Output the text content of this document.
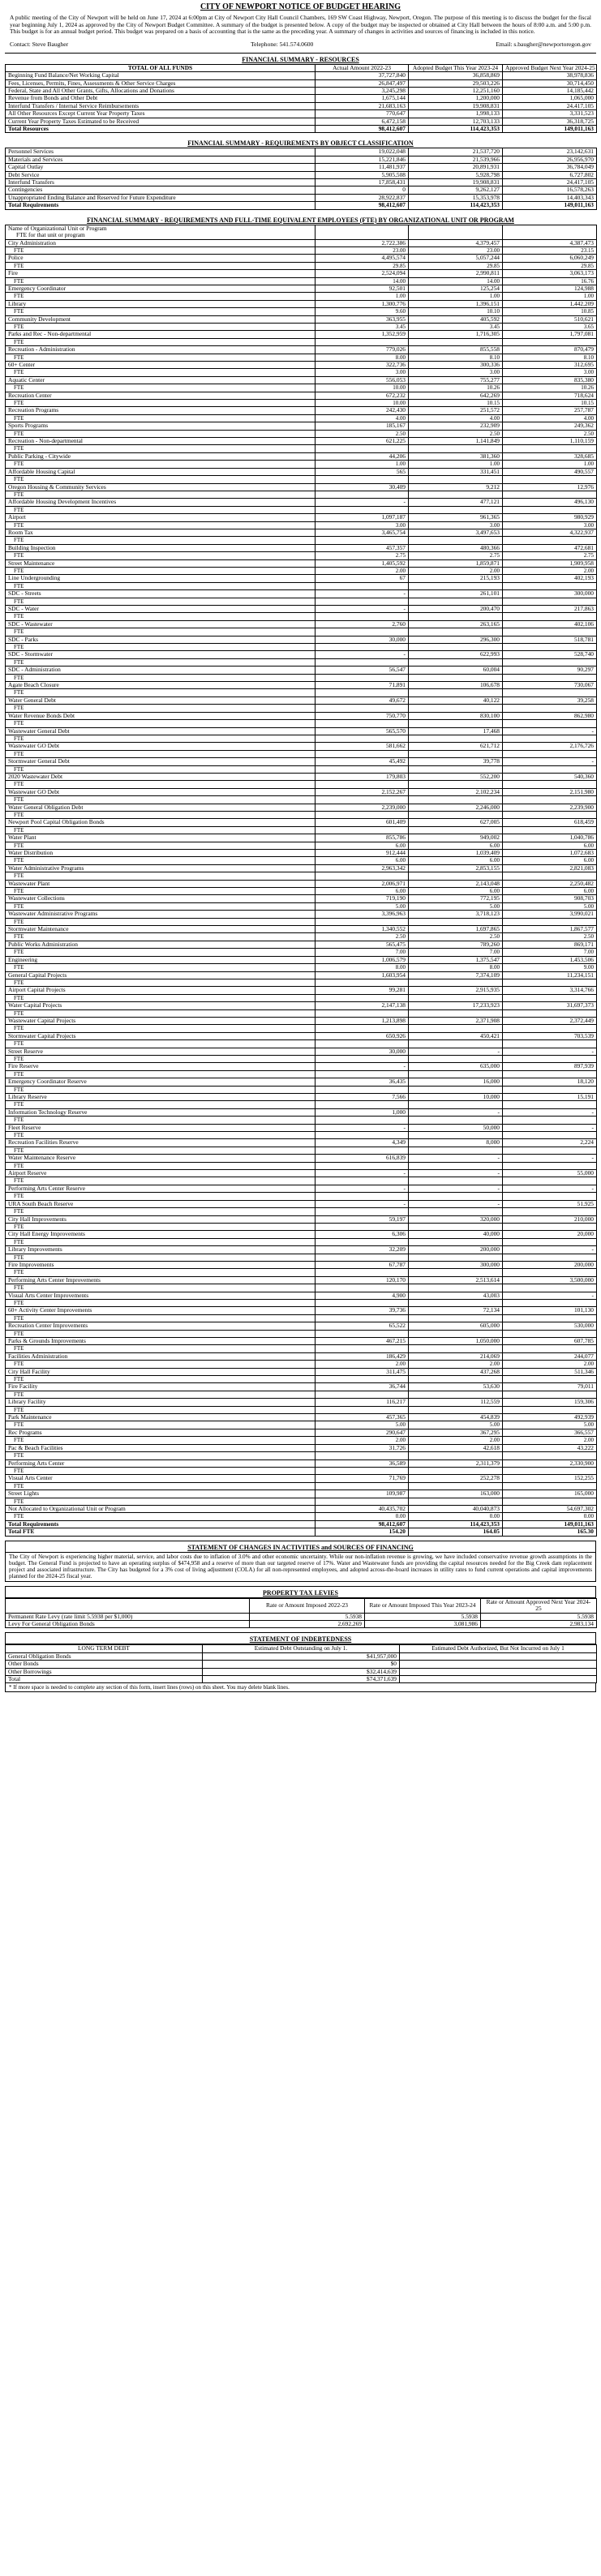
CITY OF NEWPORT NOTICE OF BUDGET HEARING
A public meeting of the City of Newport will be held on June 17, 2024 at 6:00pm at City of Newport City Hall Council Chambers, 169 SW Coast Highway, Newport, Oregon. The purpose of this meeting is to discuss the budget for the fiscal year beginning July 1, 2024 as approved by the City of Newport Budget Committee. A summary of the budget is presented below. A copy of the budget may be inspected or obtained at City Hall between the hours of 8:00 a.m. and 5:00 p.m. This budget is for an annual budget period. This budget was prepared on a basis of accounting that is the same as the preceding year. A summary of changes in activities and sources of financing is included in this notice.
Contact: Steve Baugher	Telephone: 541.574.0600	Email: s.baugher@newportoregon.gov
FINANCIAL SUMMARY - RESOURCES
TOTAL OF ALL FUNDS	Actual Amount 2022-23	Adopted Budget This Year 2023-24	Approved Budget Next Year 2024-25
Beginning Fund Balance/Net Working Capital	37,727,840	36,858,869	38,978,836
Fees, Licenses, Permits, Fines, Assessments & Other Service Charges	26,847,497	29,503,226	30,714,450
Federal, State and All Other Grants, Gifts, Allocations and Donations	3,245,298	12,251,160	14,185,442
Revenue from Bonds and Other Debt	1,675,144	1,200,000	1,065,000
Interfund Transfers / Internal Service Reimbursements	21,683,163	19,908,831	24,417,105
All Other Resources Except Current Year Property Taxes	770,647	1,998,133	3,331,523
Current Year Property Taxes Estimated to be Received	6,472,158	12,703,133	36,318,725
Total Resources	98,412,607	114,423,353	149,011,163
FINANCIAL SUMMARY - REQUIREMENTS BY OBJECT CLASSIFICATION
Personnel Services	19,022,048	21,537,720	23,142,631
Materials and Services	15,221,846	21,539,966	26,956,970
Capital Outlay	11,481,937	20,891,931	36,784,049
Debt Service	5,905,508	5,928,798	6,727,802
Interfund Transfers	17,858,431	19,908,831	24,417,105
Contingencies	0	9,262,127	16,578,263
Unappropriated Ending Balance and Reserved for Future Expenditure	28,922,837	15,353,978	14,403,343
Total Requirements	98,412,607	114,423,353	149,011,163
FINANCIAL SUMMARY - REQUIREMENTS AND FULL-TIME EQUIVALENT EMPLOYEES (FTE) BY ORGANIZATIONAL UNIT OR PROGRAM
Name of Organizational Unit or Program
FTE for that unit or program			

City Administration	2,722,386	4,379,457	4,387,473
FTE	23.00	23.00	23.15
Police	4,495,574	5,057,244	6,060,249
FTE	29.85	29.85	29.85
Fire	2,524,094	2,990,811	3,063,173
FTE	14.00	14.00	16.76
Emergency Coordinator	92,501	125,254	124,988
FTE	1.00	1.00	1.00
Library	1,300,776	1,396,151	1,442,209
FTE	9.60	10.10	10.85
Community Development	363,955	405,592	510,621
FTE	3.45	3.45	3.65
Parks and Rec - Non-departmental	1,352,959	1,716,305	1,797,081
FTE			
Recreation - Administration	779,026	855,558	870,479
FTE	8.00	8.10	8.10
60+ Center	322,736	300,336	312,695
FTE	3.00	3.00	3.00
Aquatic Center	556,053	755,277	835,380
FTE	10.00	10.26	10.26
Recreation Center	672,232	642,269	718,624
FTE	10.00	10.15	10.15
Recreation Programs	242,430	251,572	257,787
FTE	4.00	4.00	4.00
Sports Programs	185,167	232,909	249,362
FTE	2.50	2.50	2.50
Recreation - Non-departmental	621,225	1,141,849	1,110,159
FTE			
Public Parking - Citywide	44,206	381,360	328,685
FTE	1.00	1.00	1.00
Affordable Housing Capital	565	331,451	490,557
FTE			
Oregon Housing & Community Services	30,409	9,212	12,976
FTE			
Affordable Housing Development Incentives	-	477,121	496,130
FTE			
Airport	1,097,187	961,365	980,929
FTE	3.00	3.00	3.00
Room Tax	3,465,754	3,497,653	4,322,937
FTE			
Building Inspection	457,357	480,366	472,681
FTE	2.75	2.75	2.75
Street Maintenance	1,405,592	1,859,871	1,909,958
FTE	2.00	2.00	2.00
Line Undergrounding	67	215,193	402,193
FTE			
SDC - Streets	-	261,101	300,000
FTE			
SDC - Water	-	200,470	217,863
FTE			
SDC - Wastewater	2,760	263,165	402,106
FTE			
SDC - Parks	30,000	296,300	518,781
FTE			
SDC - Stormwater	-	622,993	528,740
FTE			
SDC - Administration	56,547	60,004	90,297
FTE			
Agate Beach Closure	71,891	106,678	730,067
FTE			
Water General Debt	49,672	40,122	39,258
FTE			
Water Revenue Bonds Debt	750,770	830,100	862,980
FTE			
Wastewater General Debt	565,570	17,468	-
FTE			
Wastewater GO Debt	581,662	621,712	2,176,726
FTE			
Stormwater General Debt	45,492	39,778	-
FTE			
2020 Wastewater Debt	179,803	552,200	540,360
FTE			
Wastewater GO Debt	2,152,267	2,102,234	2,151,980
FTE			
Water General Obligation Debt	2,239,000	2,246,000	2,239,900
FTE			
Newport Pool Capital Obligation Bonds	601,409	627,005	618,459
FTE			
Water Plant	855,786	949,002	1,040,786
FTE	6.00	6.00	6.00
Water Distribution	912,444	1,039,409	1,072,683
FTE	6.00	6.00	6.00
Water Administrative Programs	2,963,342	2,853,155	2,821,083
FTE			
Wastewater Plant	2,006,971	2,143,048	2,250,482
FTE	6.00	6.00	6.00
Wastewater Collections	719,190	772,195	908,703
FTE	5.00	5.00	5.00
Wastewater Administrative Programs	3,396,963	3,718,123	3,990,021
FTE			
Stormwater Maintenance	1,340,552	1,697,865	1,867,577
FTE	2.50	2.50	2.50
Public Works Administration	565,475	789,260	869,171
FTE	7.00	7.00	7.00
Engineering	1,006,579	1,375,547	1,453,506
FTE	8.00	8.00	9.00
General Capital Projects	1,603,954	7,374,109	11,234,151
FTE			
Airport Capital Projects	99,281	2,915,935	3,314,766
FTE			
Water Capital Projects	2,147,138	17,233,923	31,697,373
FTE			
Wastewater Capital Projects	1,213,898	2,371,908	2,372,449
FTE			
Stormwater Capital Projects	650,926	450,421	703,539
FTE			
Street Reserve	30,000	-	-
FTE			
Fire Reserve	-	635,000	897,939
FTE			
Emergency Coordinator Reserve	36,435	16,000	18,120
FTE			
Library Reserve	7,566	10,000	15,191
FTE			
Information Technology Reserve	1,000	-	-
FTE			
Fleet Reserve	-	50,000	-
FTE			
Recreation Facilities Reserve	4,349	8,000	2,224
FTE			
Water Maintenance Reserve	616,839	-	-
FTE			
Airport Reserve	-	-	55,000
FTE			
Performing Arts Center Reserve	-	-	-
FTE			
URA South Beach Reserve	-	-	51,925
FTE			
City Hall Improvements	59,197	320,000	210,000
FTE			
City Hall Energy Improvements	6,306	40,000	20,000
FTE			
Library Improvements	32,209	200,000	-
FTE			
Fire Improvements	67,787	300,000	200,000
FTE			
Performing Arts Center Improvements	120,170	2,513,614	3,500,000
FTE			
Visual Arts Center Improvements	4,900	43,003	-
FTE			
60+ Activity Center Improvements	39,736	72,134	101,130
FTE			
Recreation Center Improvements	65,522	605,000	530,000
FTE			
Parks & Grounds Improvements	467,215	1,050,000	607,785
FTE			
Facilities Administration	186,429	214,069	244,077
FTE	2.00	2.00	2.00
City Hall Facility	311,475	437,268	511,346
FTE			
Fire Facility	36,744	53,630	79,011
FTE			
Library Facility	116,217	112,559	159,306
FTE			
Park Maintenance	457,365	454,839	492,939
FTE	5.00	5.00	5.00
Rec Programs	290,647	367,295	366,557
FTE	2.00	2.00	2.00
Pac & Beach Facilities	31,726	42,618	43,222
FTE			
Performing Arts Center	36,589	2,311,379	2,330,900
FTE			
Visual Arts Center	71,769	252,278	152,255
FTE			
Street Lights	109,987	163,000	165,000
FTE			
Not Allocated to Organizational Unit or Program	40,435,702	40,040,873	54,697,302
FTE	0.00	0.00	0.00
Total Requirements	98,412,607	114,423,353	149,011,163
Total FTE	154.20	164.05	165.30
STATEMENT OF CHANGES IN ACTIVITIES and SOURCES OF FINANCING
The City of Newport is experiencing higher material, service, and labor costs due to inflation of 3.0% and other economic uncertainty. While our non-inflation revenue is growing, we have included conservative revenue growth assumptions in the budget. The General Fund is projected to have an operating surplus of $474,958 and a reserve of more than our targeted reserve of 17%. Water and Wastewater funds are providing the capital resources needed for the Big Creek dam replacement project and associated infrastructure. The City has budgeted for a 3% cost of living adjustment (COLA) for all non-represented employees, and adopted across-the-board increases in utility rates to fund current operations and capital improvements planned for the 2024-25 fiscal year.
PROPERTY TAX LEVIES
	Rate or Amount Imposed 2022-23	Rate or Amount Imposed This Year 2023-24	Rate or Amount Approved Next Year 2024-25
Permanent Rate Levy (rate limit 5.5938 per $1,000)	5.5938	5.5938	5.5938
Levy For General Obligation Bonds	2,692,269	3,081,986	2,983,134
STATEMENT OF INDEBTEDNESS
LONG TERM DEBT	Estimated Debt Outstanding on July 1.	Estimated Debt Authorized, But Not Incurred on July 1
General Obligation Bonds	$41,957,000	
Other Bonds	$0	
Other Borrowings	$32,414,639	
Total	$74,371,639	
* If more space is needed to complete any section of this form, insert lines (rows) on this sheet. You may delete blank lines.
